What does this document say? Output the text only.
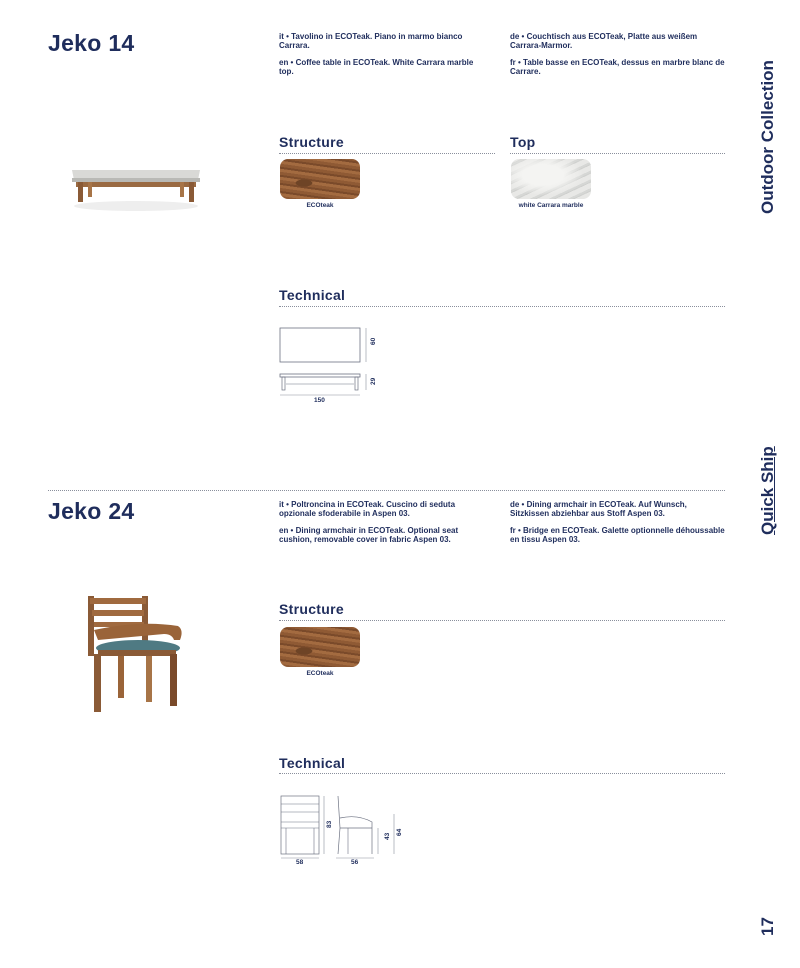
Jeko 14	it • Tavolino in ECOTeak. Piano in marmo bianco Carrara.
en • Coffee table in ECOTeak. White Carrara marble top.
de • Couchtisch aus ECOTeak, Platte aus weißem Carrara-Marmor.
fr • Table basse en ECOTeak, dessus en marbre blanc de Carrare.
Structure
ECOteak
Top
white Carrara marble
Technical
60
29
150
Jeko 24	it • Poltroncina in ECOTeak. Cuscino di seduta opzionale sfoderabile in Aspen 03.
en • Dining armchair in ECOTeak. Optional seat cushion, removable cover in fabric Aspen 03.
de • Dining armchair in ECOTeak. Auf Wunsch, Sitzkissen abziehbar aus Stoff Aspen 03.
fr • Bridge en ECOTeak. Galette optionnelle déhoussable en tissu Aspen 03.
Structure
ECOteak
Technical
83
43
64
58	56
Outdoor Collection
Quick Ship
17
